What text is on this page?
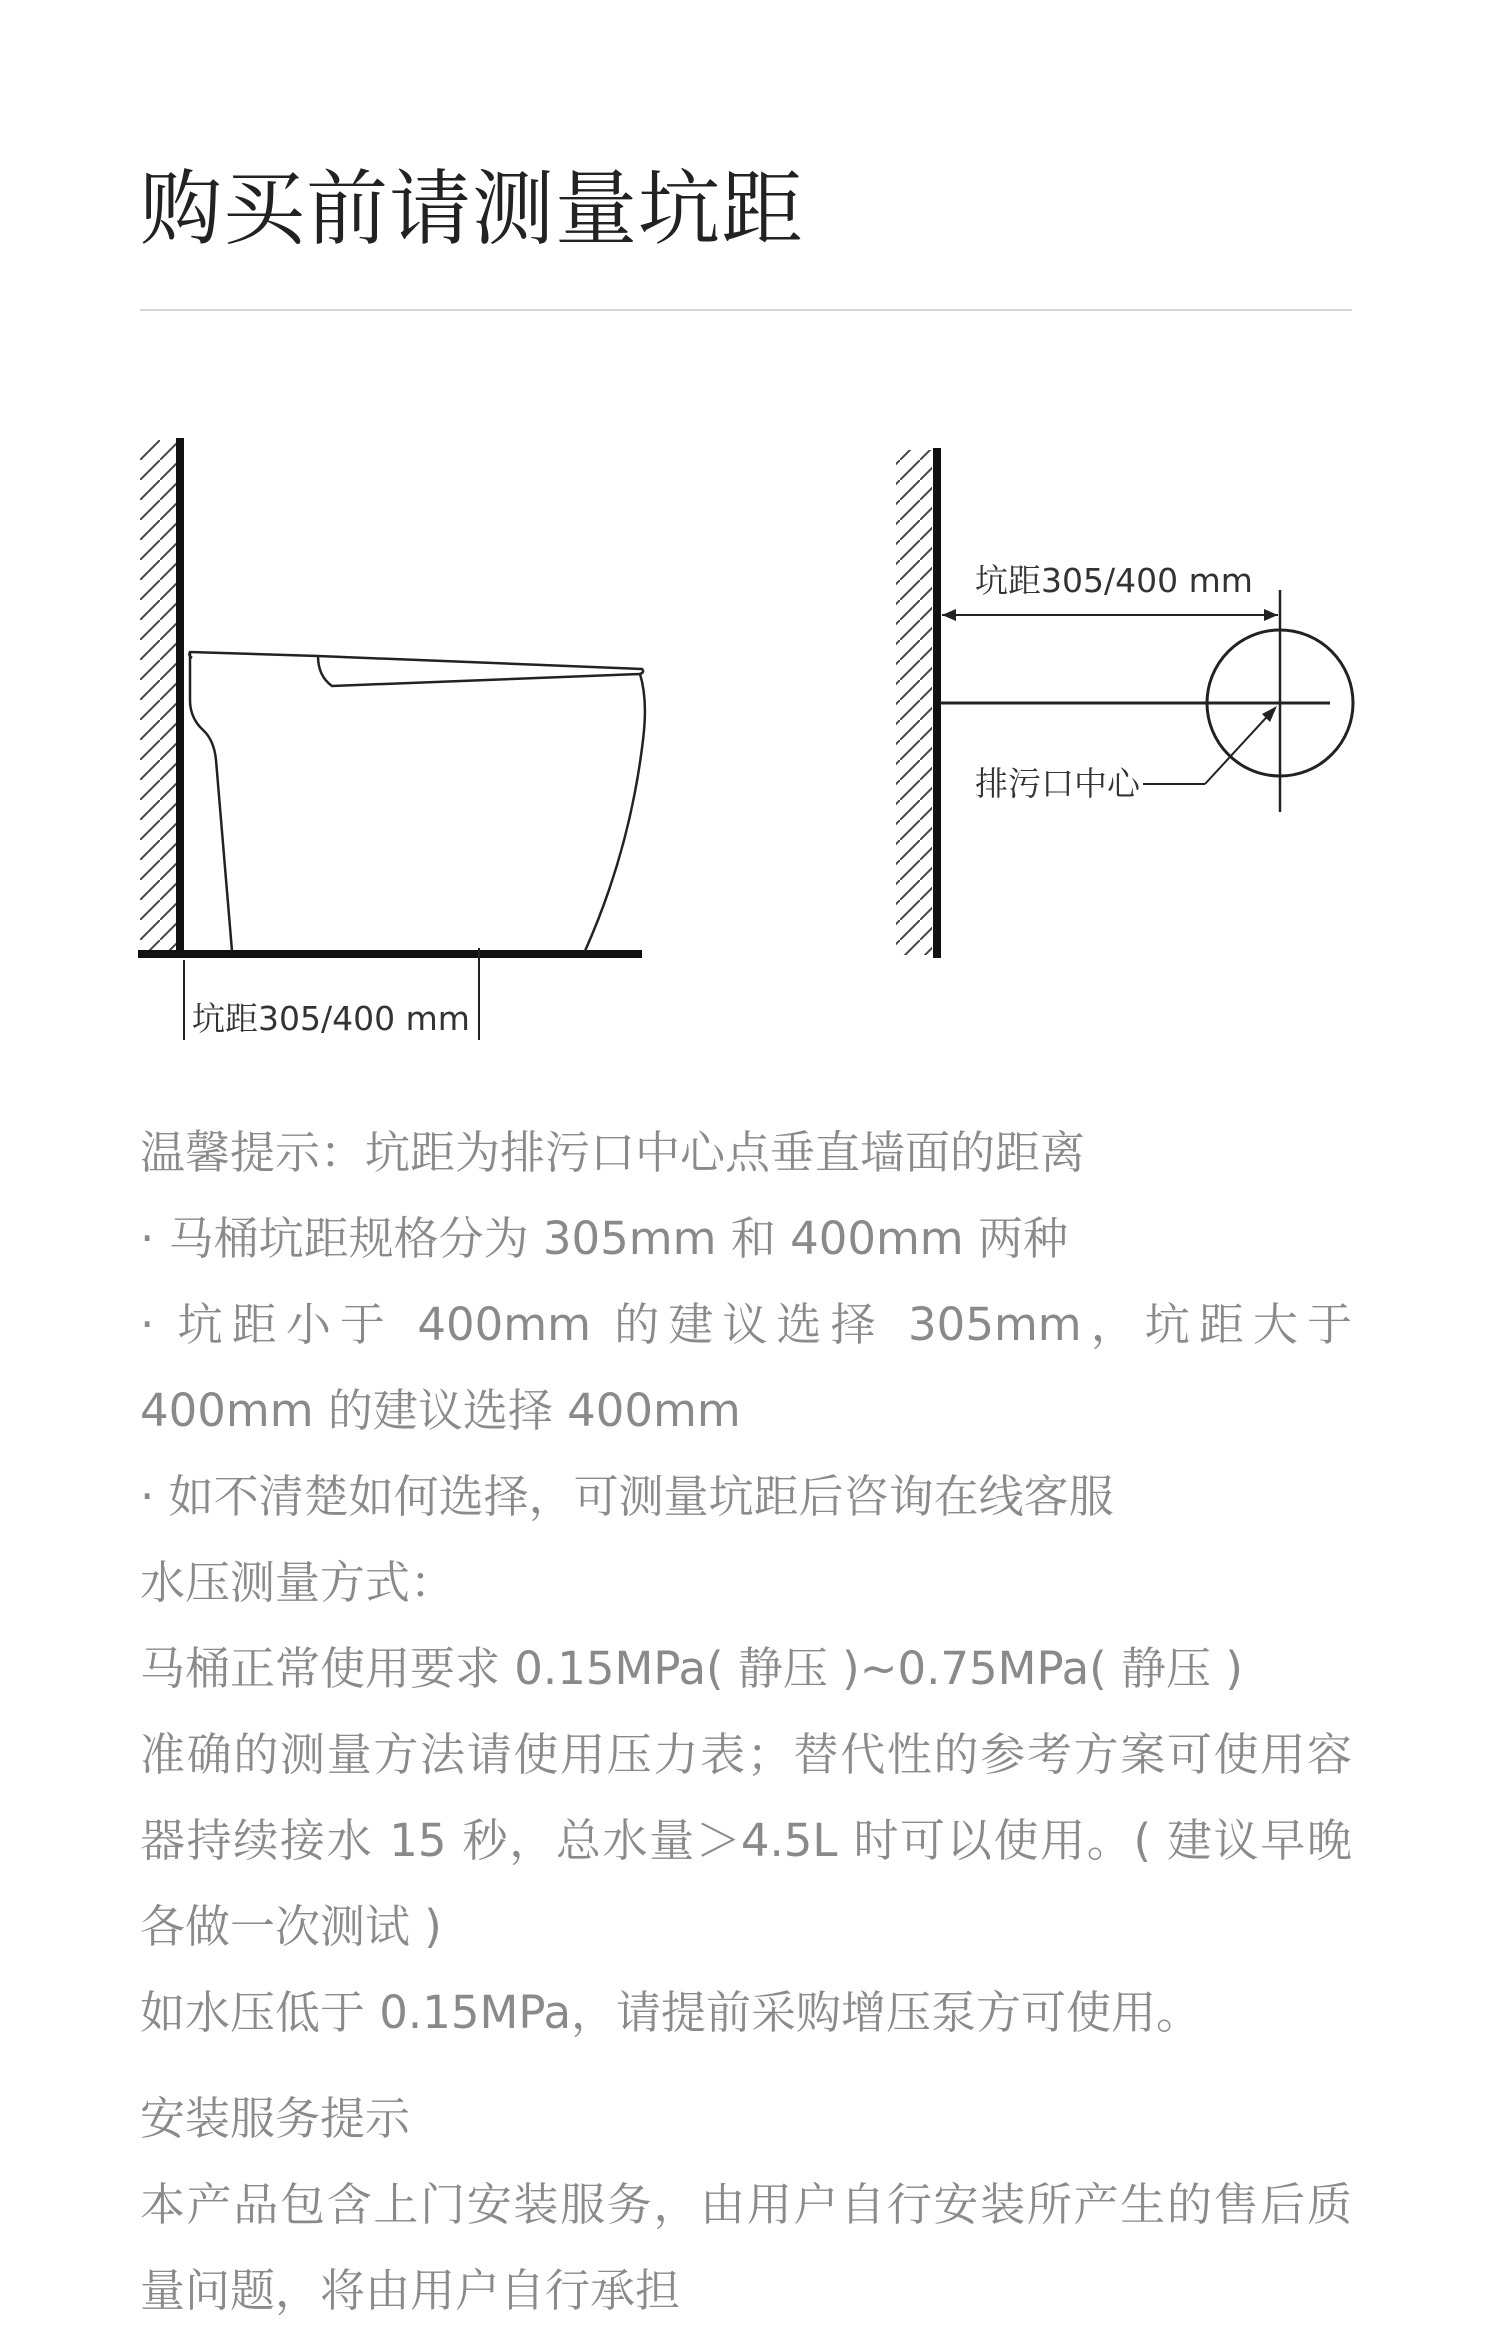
购买前请测量坑距
坑距305/400 mm
坑距305/400 mm
排污口中心

温馨提示：坑距为排污口中心点垂直墙面的距离

· 马桶坑距规格分为 305mm 和 400mm 两种

· 坑距小于 400mm 的建议选择 305mm，坑距大于 400mm 的建议选择 400mm

· 如不清楚如何选择，可测量坑距后咨询在线客服

水压测量方式：

马桶正常使用要求 0.15MPa( 静压 )~0.75MPa( 静压 )

准确的测量方法请使用压力表；替代性的参考方案可使用容器持续接水 15 秒，总水量＞4.5L 时可以使用。( 建议早晚各做一次测试 )

如水压低于 0.15MPa，请提前采购增压泵方可使用。

安装服务提示

本产品包含上门安装服务，由用户自行安装所产生的售后质量问题，将由用户自行承担
